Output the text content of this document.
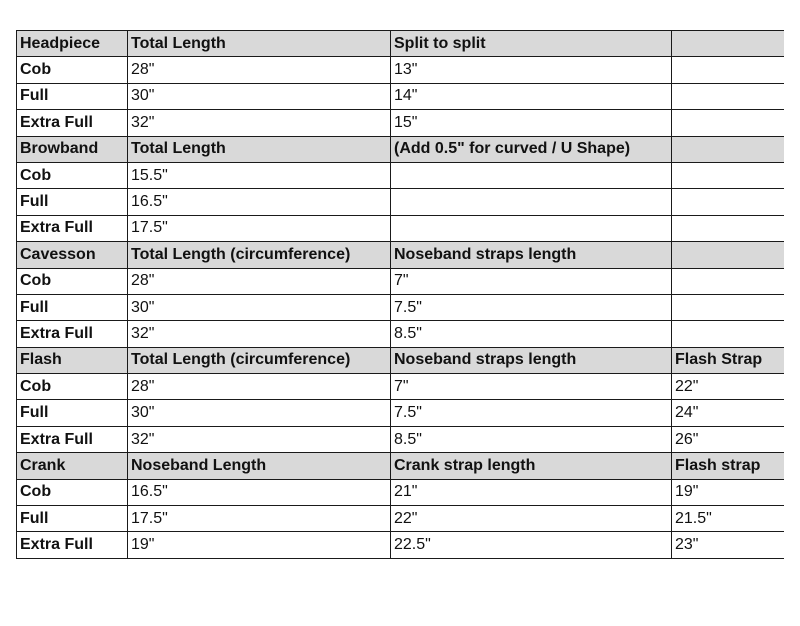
Headpiece	Total Length	Split to split	
Cob	28"	13"	
Full	30"	14"	
Extra Full	32"	15"	
Browband	Total Length	(Add 0.5" for curved / U Shape)	
Cob	15.5"		
Full	16.5"		
Extra Full	17.5"		
Cavesson	Total Length (circumference)	Noseband straps length	
Cob	28"	7"	
Full	30"	7.5"	
Extra Full	32"	8.5"	
Flash	Total Length (circumference)	Noseband straps length	Flash Strap
Cob	28"	7"	22"
Full	30"	7.5"	24"
Extra Full	32"	8.5"	26"
Crank	Noseband Length	Crank strap length	Flash strap
Cob	16.5"	21"	19"
Full	17.5"	22"	21.5"
Extra Full	19"	22.5"	23"
